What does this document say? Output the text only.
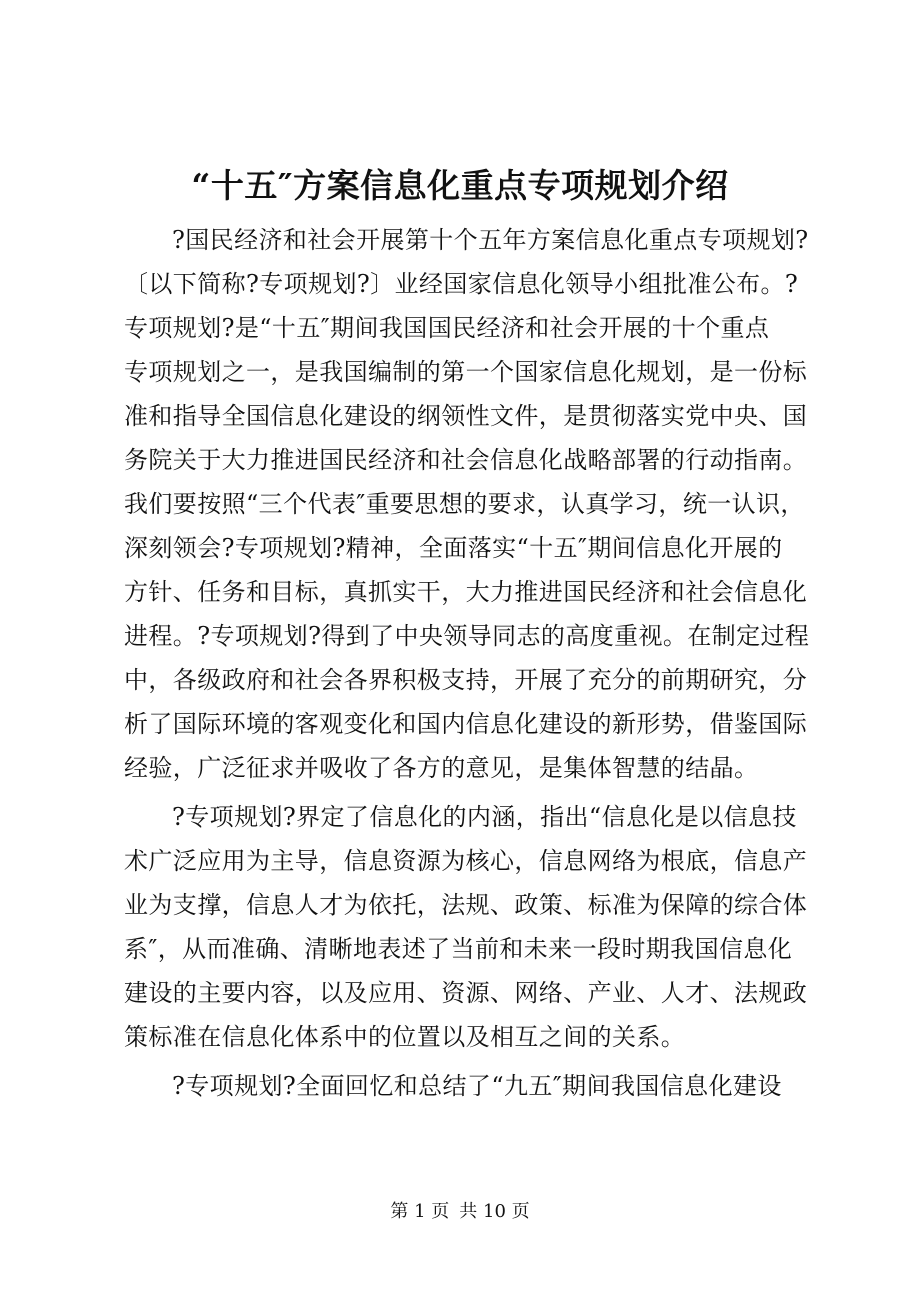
“十五″方案信息化重点专项规划介绍
?国民经济和社会开展第十个五年方案信息化重点专项规划?
〔以下简称?专项规划?〕业经国家信息化领导小组批准公布。?
专项规划?是“十五″期间我国国民经济和社会开展的十个重点
专项规划之一，是我国编制的第一个国家信息化规划，是一份标
准和指导全国信息化建设的纲领性文件，是贯彻落实党中央、国
务院关于大力推进国民经济和社会信息化战略部署的行动指南。
我们要按照“三个代表″重要思想的要求，认真学习，统一认识，
深刻领会?专项规划?精神，全面落实“十五″期间信息化开展的
方针、任务和目标，真抓实干，大力推进国民经济和社会信息化
进程。?专项规划?得到了中央领导同志的高度重视。在制定过程
中，各级政府和社会各界积极支持，开展了充分的前期研究，分
析了国际环境的客观变化和国内信息化建设的新形势，借鉴国际
经验，广泛征求并吸收了各方的意见，是集体智慧的结晶。
?专项规划?界定了信息化的内涵，指出“信息化是以信息技
术广泛应用为主导，信息资源为核心，信息网络为根底，信息产
业为支撑，信息人才为依托，法规、政策、标准为保障的综合体
系″，从而准确、清晰地表述了当前和未来一段时期我国信息化
建设的主要内容，以及应用、资源、网络、产业、人才、法规政
策标准在信息化体系中的位置以及相互之间的关系。
?专项规划?全面回忆和总结了“九五″期间我国信息化建设
第 1 页 共 10 页
